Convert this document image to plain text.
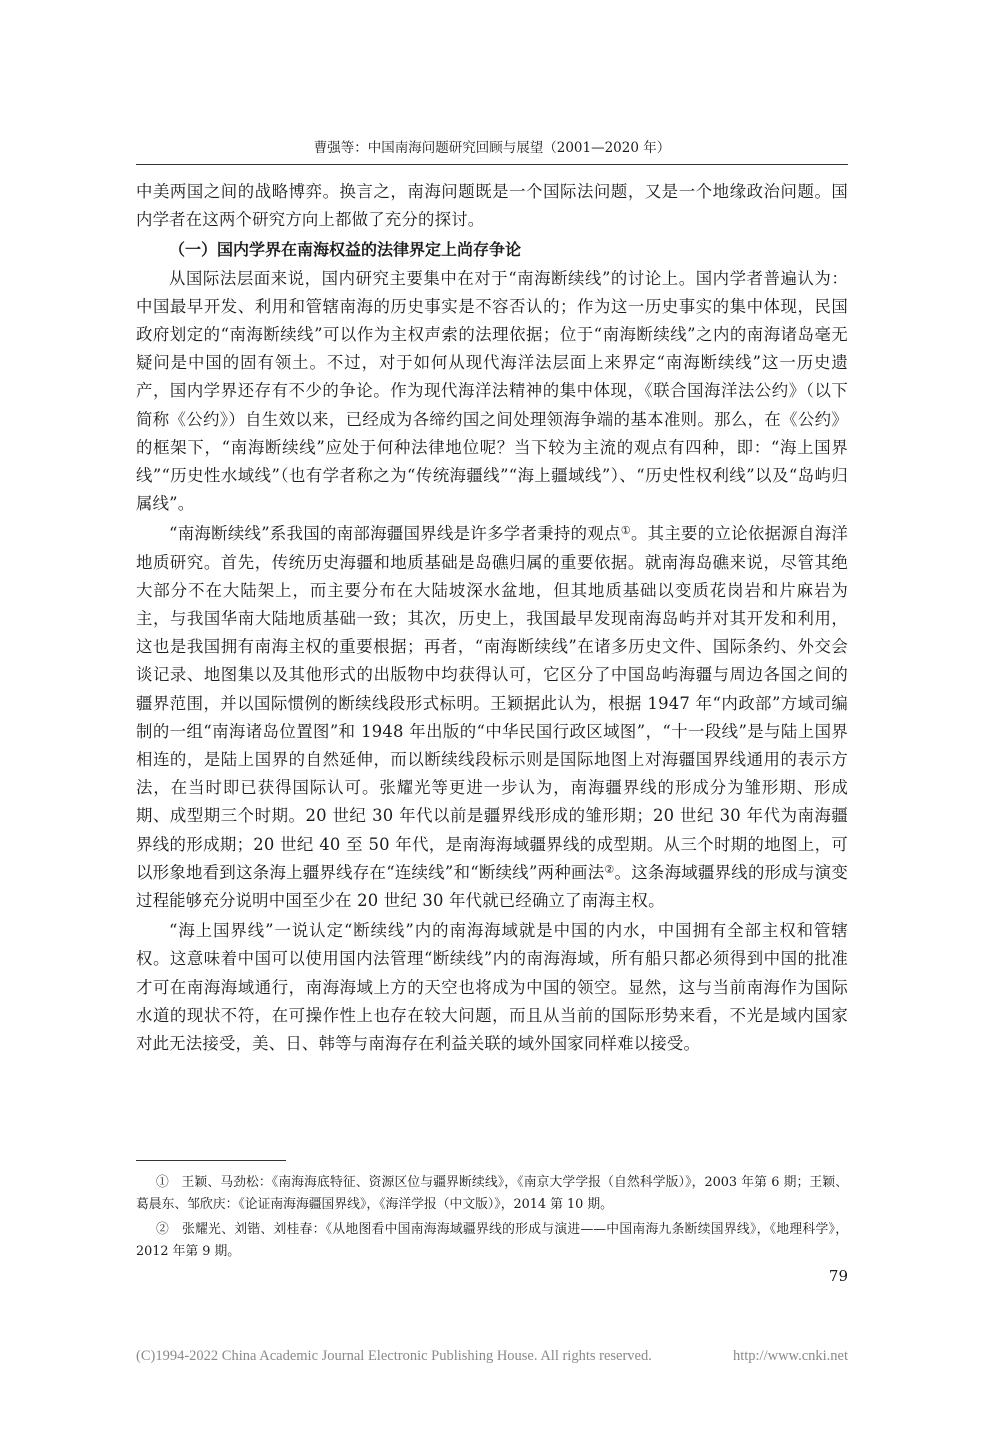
曹强等：中国南海问题研究回顾与展望（2001—2020 年）

中美两国之间的战略博弈。换言之，南海问题既是一个国际法问题，又是一个地缘政治问题。国内学者在这两个研究方向上都做了充分的探讨。

（一）国内学界在南海权益的法律界定上尚存争论

从国际法层面来说，国内研究主要集中在对于“南海断续线”的讨论上。国内学者普遍认为：中国最早开发、利用和管辖南海的历史事实是不容否认的；作为这一历史事实的集中体现，民国政府划定的“南海断续线”可以作为主权声索的法理依据；位于“南海断续线”之内的南海诸岛毫无疑问是中国的固有领土。不过，对于如何从现代海洋法层面上来界定“南海断续线”这一历史遗产，国内学界还存有不少的争论。作为现代海洋法精神的集中体现，《联合国海洋法公约》（以下简称《公约》）自生效以来，已经成为各缔约国之间处理领海争端的基本准则。那么，在《公约》的框架下，“南海断续线”应处于何种法律地位呢？当下较为主流的观点有四种，即：“海上国界线”“历史性水域线”（也有学者称之为“传统海疆线”“海上疆域线”）、“历史性权利线”以及“岛屿归属线”。

“南海断续线”系我国的南部海疆国界线是许多学者秉持的观点①。其主要的立论依据源自海洋地质研究。首先，传统历史海疆和地质基础是岛礁归属的重要依据。就南海岛礁来说，尽管其绝大部分不在大陆架上，而主要分布在大陆坡深水盆地，但其地质基础以变质花岗岩和片麻岩为主，与我国华南大陆地质基础一致；其次，历史上，我国最早发现南海岛屿并对其开发和利用，这也是我国拥有南海主权的重要根据；再者，“南海断续线”在诸多历史文件、国际条约、外交会谈记录、地图集以及其他形式的出版物中均获得认可，它区分了中国岛屿海疆与周边各国之间的疆界范围，并以国际惯例的断续线段形式标明。王颖据此认为，根据 1947 年“内政部”方域司编制的一组“南海诸岛位置图”和 1948 年出版的“中华民国行政区域图”，“十一段线”是与陆上国界相连的，是陆上国界的自然延伸，而以断续线段标示则是国际地图上对海疆国界线通用的表示方法，在当时即已获得国际认可。张耀光等更进一步认为，南海疆界线的形成分为雏形期、形成期、成型期三个时期。20 世纪 30 年代以前是疆界线形成的雏形期；20 世纪 30 年代为南海疆界线的形成期；20 世纪 40 至 50 年代，是南海海域疆界线的成型期。从三个时期的地图上，可以形象地看到这条海上疆界线存在“连续线”和“断续线”两种画法②。这条海域疆界线的形成与演变过程能够充分说明中国至少在 20 世纪 30 年代就已经确立了南海主权。

“海上国界线”一说认定“断续线”内的南海海域就是中国的内水，中国拥有全部主权和管辖权。这意味着中国可以使用国内法管理“断续线”内的南海海域，所有船只都必须得到中国的批准才可在南海海域通行，南海海域上方的天空也将成为中国的领空。显然，这与当前南海作为国际水道的现状不符，在可操作性上也存在较大问题，而且从当前的国际形势来看，不光是域内国家对此无法接受，美、日、韩等与南海存在利益关联的域外国家同样难以接受。

① 王颖、马劲松：《南海海底特征、资源区位与疆界断续线》，《南京大学学报（自然科学版）》，2003 年第 6 期；王颖、葛晨东、邹欣庆：《论证南海海疆国界线》，《海洋学报（中文版）》，2014 第 10 期。

② 张耀光、刘锴、刘桂春：《从地图看中国南海海域疆界线的形成与演进——中国南海九条断续国界线》，《地理科学》，2012 年第 9 期。

79
(C)1994-2022 China Academic Journal Electronic Publishing House. All rights reserved.	http://www.cnki.net
